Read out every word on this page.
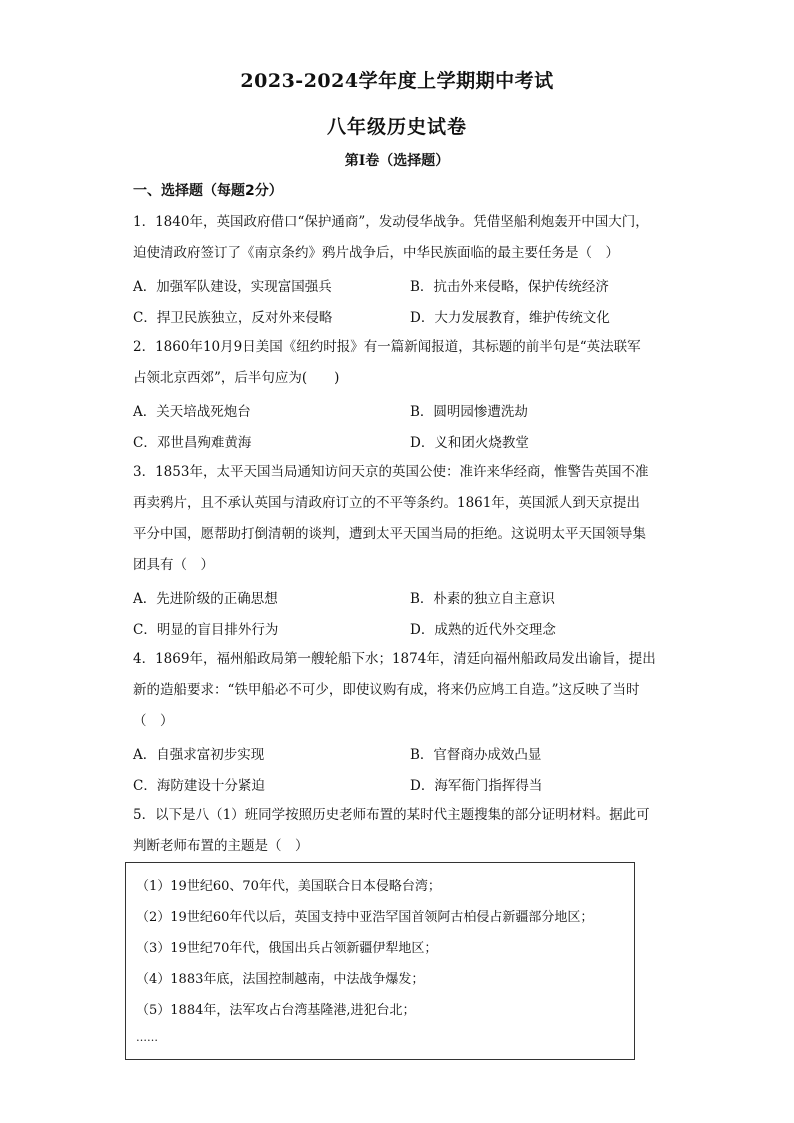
2023-2024学年度上学期期中考试
八年级历史试卷
第Ⅰ卷（选择题）
一、选择题（每题2分）
1．1840年，英国政府借口“保护通商”，发动侵华战争。凭借坚船利炮轰开中国大门，
迫使清政府签订了《南京条约》鸦片战争后，中华民族面临的最主要任务是（　）
A．加强军队建设，实现富国强兵	B．抗击外来侵略，保护传统经济
C．捍卫民族独立，反对外来侵略	D．大力发展教育，维护传统文化
2．1860年10月9日美国《纽约时报》有一篇新闻报道，其标题的前半句是“英法联军
占领北京西郊”，后半句应为(　　)
A．关天培战死炮台	B．圆明园惨遭洗劫
C．邓世昌殉难黄海	D．义和团火烧教堂
3．1853年，太平天国当局通知访问天京的英国公使：准许来华经商，惟警告英国不准
再卖鸦片，且不承认英国与清政府订立的不平等条约。1861年，英国派人到天京提出
平分中国，愿帮助打倒清朝的谈判，遭到太平天国当局的拒绝。这说明太平天国领导集
团具有（　）
A．先进阶级的正确思想	B．朴素的独立自主意识
C．明显的盲目排外行为	D．成熟的近代外交理念
4．1869年，福州船政局第一艘轮船下水；1874年，清廷向福州船政局发出谕旨，提出
新的造船要求：“铁甲船必不可少，即使议购有成，将来仍应鸠工自造。”这反映了当时
（　）
A．自强求富初步实现	B．官督商办成效凸显
C．海防建设十分紧迫	D．海军衙门指挥得当
5．以下是八（1）班同学按照历史老师布置的某时代主题搜集的部分证明材料。据此可
判断老师布置的主题是（　）
（1）19世纪60、70年代，美国联合日本侵略台湾；
（2）19世纪60年代以后，英国支持中亚浩罕国首领阿古柏侵占新疆部分地区；
（3）19世纪70年代，俄国出兵占领新疆伊犁地区；
（4）1883年底，法国控制越南，中法战争爆发；
（5）1884年，法军攻占台湾基隆港,进犯台北；
……
